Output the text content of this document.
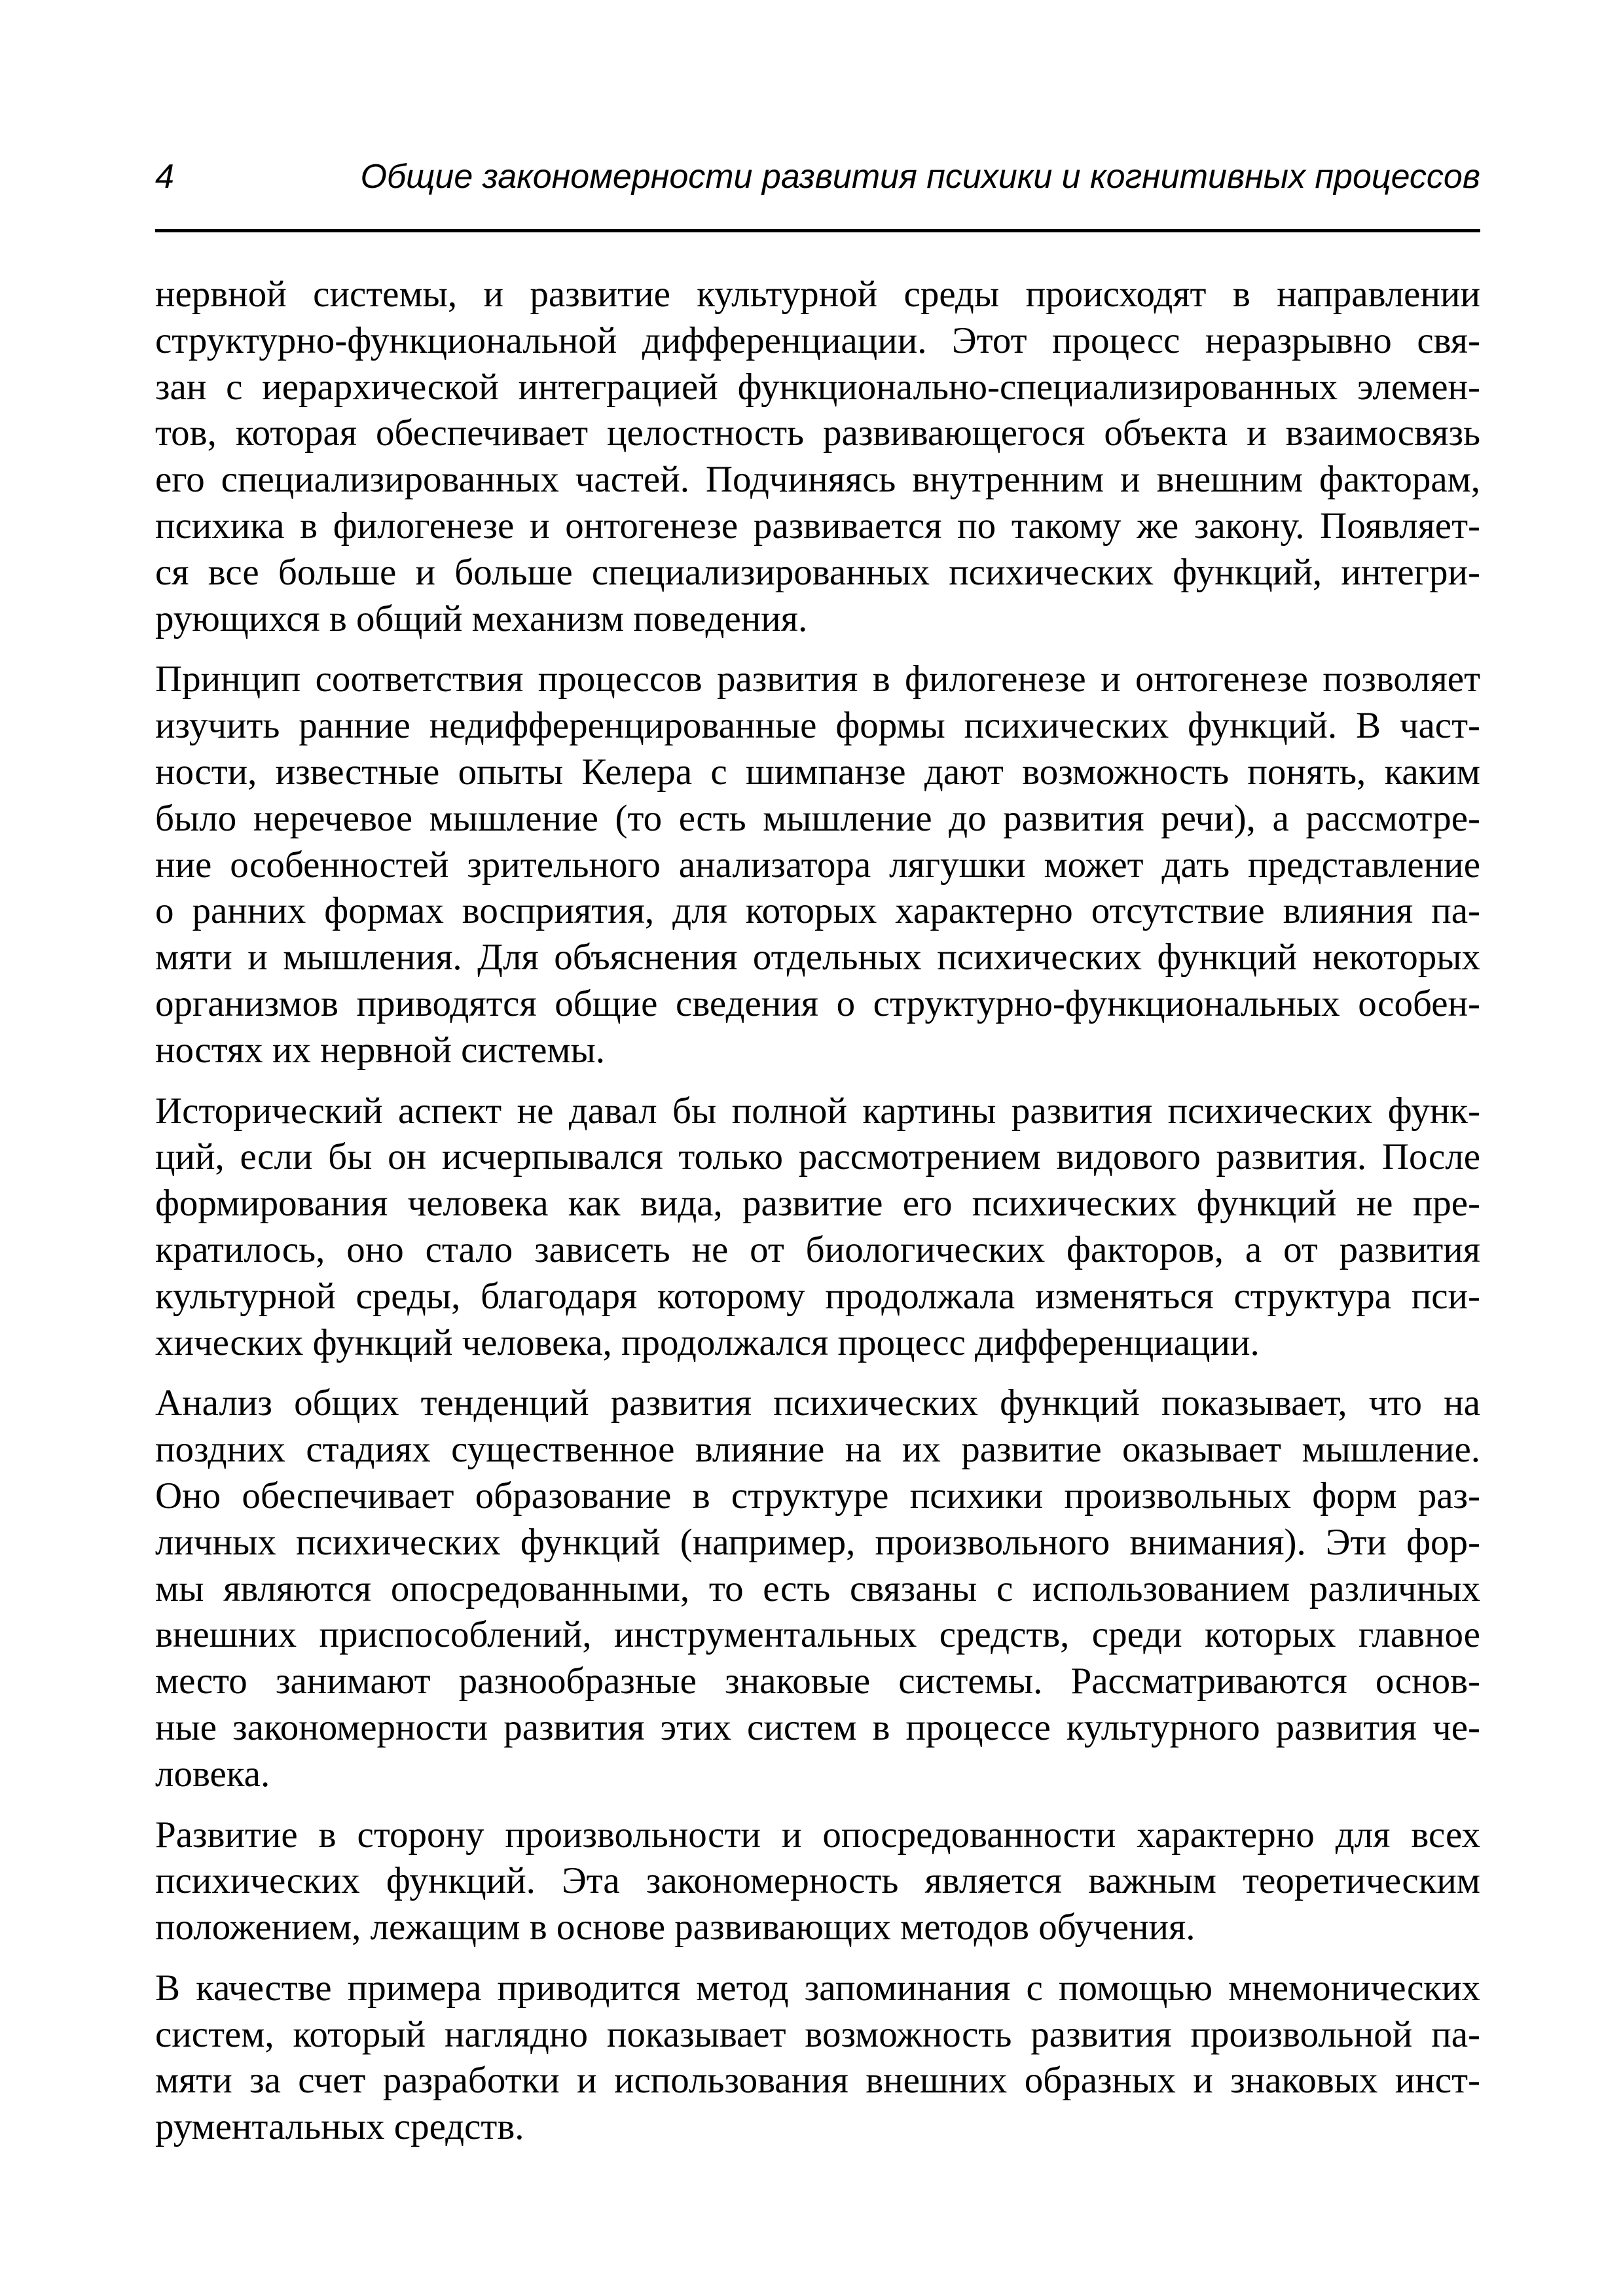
4	Общие закономерности развития психики и когнитивных процессов
нервной системы, и развитие культурной среды происходят в направлении
структурно-функциональной дифференциации. Этот процесс неразрывно свя-
зан с иерархической интеграцией функционально-специализированных элемен-
тов, которая обеспечивает целостность развивающегося объекта и взаимосвязь
его специализированных частей. Подчиняясь внутренним и внешним факторам,
психика в филогенезе и онтогенезе развивается по такому же закону. Появляет-
ся все больше и больше специализированных психических функций, интегри-
рующихся в общий механизм поведения.
Принцип соответствия процессов развития в филогенезе и онтогенезе позволяет
изучить ранние недифференцированные формы психических функций. В част-
ности, известные опыты Келера с шимпанзе дают возможность понять, каким
было неречевое мышление (то есть мышление до развития речи), а рассмотре-
ние особенностей зрительного анализатора лягушки может дать представление
о ранних формах восприятия, для которых характерно отсутствие влияния па-
мяти и мышления. Для объяснения отдельных психических функций некоторых
организмов приводятся общие сведения о структурно-функциональных особен-
ностях их нервной системы.
Исторический аспект не давал бы полной картины развития психических функ-
ций, если бы он исчерпывался только рассмотрением видового развития. После
формирования человека как вида, развитие его психических функций не пре-
кратилось, оно стало зависеть не от биологических факторов, а от развития
культурной среды, благодаря которому продолжала изменяться структура пси-
хических функций человека, продолжался процесс дифференциации.
Анализ общих тенденций развития психических функций показывает, что на
поздних стадиях существенное влияние на их развитие оказывает мышление.
Оно обеспечивает образование в структуре психики произвольных форм раз-
личных психических функций (например, произвольного внимания). Эти фор-
мы являются опосредованными, то есть связаны с использованием различных
внешних приспособлений, инструментальных средств, среди которых главное
место занимают разнообразные знаковые системы. Рассматриваются основ-
ные закономерности развития этих систем в процессе культурного развития че-
ловека.
Развитие в сторону произвольности и опосредованности характерно для всех
психических функций. Эта закономерность является важным теоретическим
положением, лежащим в основе развивающих методов обучения.
В качестве примера приводится метод запоминания с помощью мнемонических
систем, который наглядно показывает возможность развития произвольной па-
мяти за счет разработки и использования внешних образных и знаковых инст-
рументальных средств.
